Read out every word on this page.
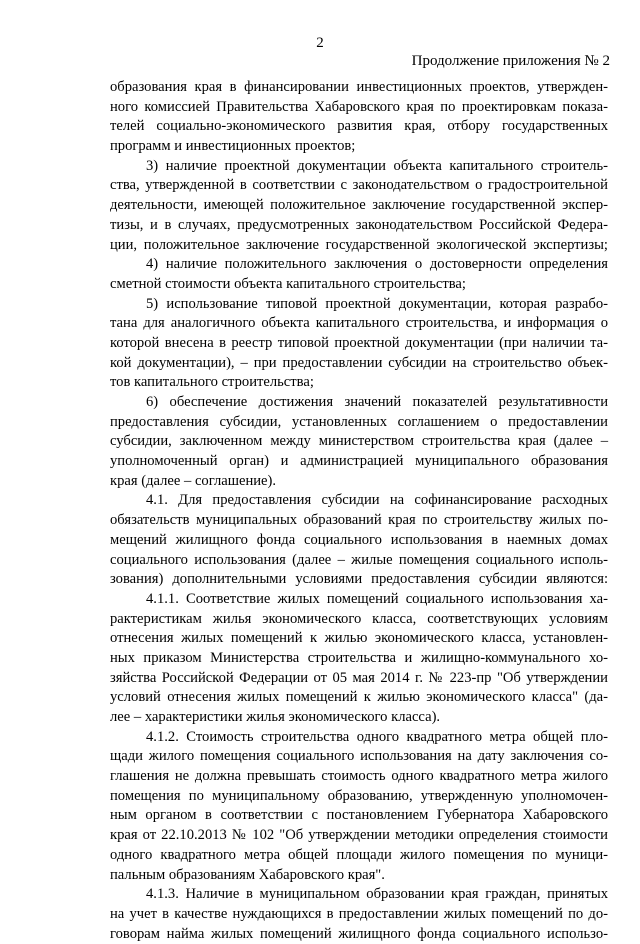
2
Продолжение приложения № 2
образования края в финансировании инвестиционных проектов, утвержден-
ного комиссией Правительства Хабаровского края по проектировкам показа-
телей социально-экономического развития края, отбору государственных
программ и инвестиционных проектов;
3) наличие проектной документации объекта капитального строитель-
ства, утвержденной в соответствии с законодательством о градостроительной
деятельности, имеющей положительное заключение государственной экспер-
тизы, и в случаях, предусмотренных законодательством Российской Федера-
ции, положительное заключение государственной экологической экспертизы;
4) наличие положительного заключения о достоверности определения
сметной стоимости объекта капитального строительства;
5) использование типовой проектной документации, которая разрабо-
тана для аналогичного объекта капитального строительства, и информация о
которой внесена в реестр типовой проектной документации (при наличии та-
кой документации), – при предоставлении субсидии на строительство объек-
тов капитального строительства;
6) обеспечение достижения значений показателей результативности
предоставления субсидии, установленных соглашением о предоставлении
субсидии, заключенном между министерством строительства края (далее –
уполномоченный орган) и администрацией муниципального образования
края (далее – соглашение).
4.1. Для предоставления субсидии на софинансирование расходных
обязательств муниципальных образований края по строительству жилых по-
мещений жилищного фонда социального использования в наемных домах
социального использования (далее – жилые помещения социального исполь-
зования) дополнительными условиями предоставления субсидии являются:
4.1.1. Соответствие жилых помещений социального использования ха-
рактеристикам жилья экономического класса, соответствующих условиям
отнесения жилых помещений к жилью экономического класса, установлен-
ных приказом Министерства строительства и жилищно-коммунального хо-
зяйства Российской Федерации от 05 мая 2014 г. № 223-пр "Об утверждении
условий отнесения жилых помещений к жилью экономического класса" (да-
лее – характеристики жилья экономического класса).
4.1.2. Стоимость строительства одного квадратного метра общей пло-
щади жилого помещения социального использования на дату заключения со-
глашения не должна превышать стоимость одного квадратного метра жилого
помещения по муниципальному образованию, утвержденную уполномочен-
ным органом в соответствии с постановлением Губернатора Хабаровского
края от 22.10.2013 № 102 "Об утверждении методики определения стоимости
одного квадратного метра общей площади жилого помещения по муници-
пальным образованиям Хабаровского края".
4.1.3. Наличие в муниципальном образовании края граждан, принятых
на учет в качестве нуждающихся в предоставлении жилых помещений по до-
говорам найма жилых помещений жилищного фонда социального использо-
